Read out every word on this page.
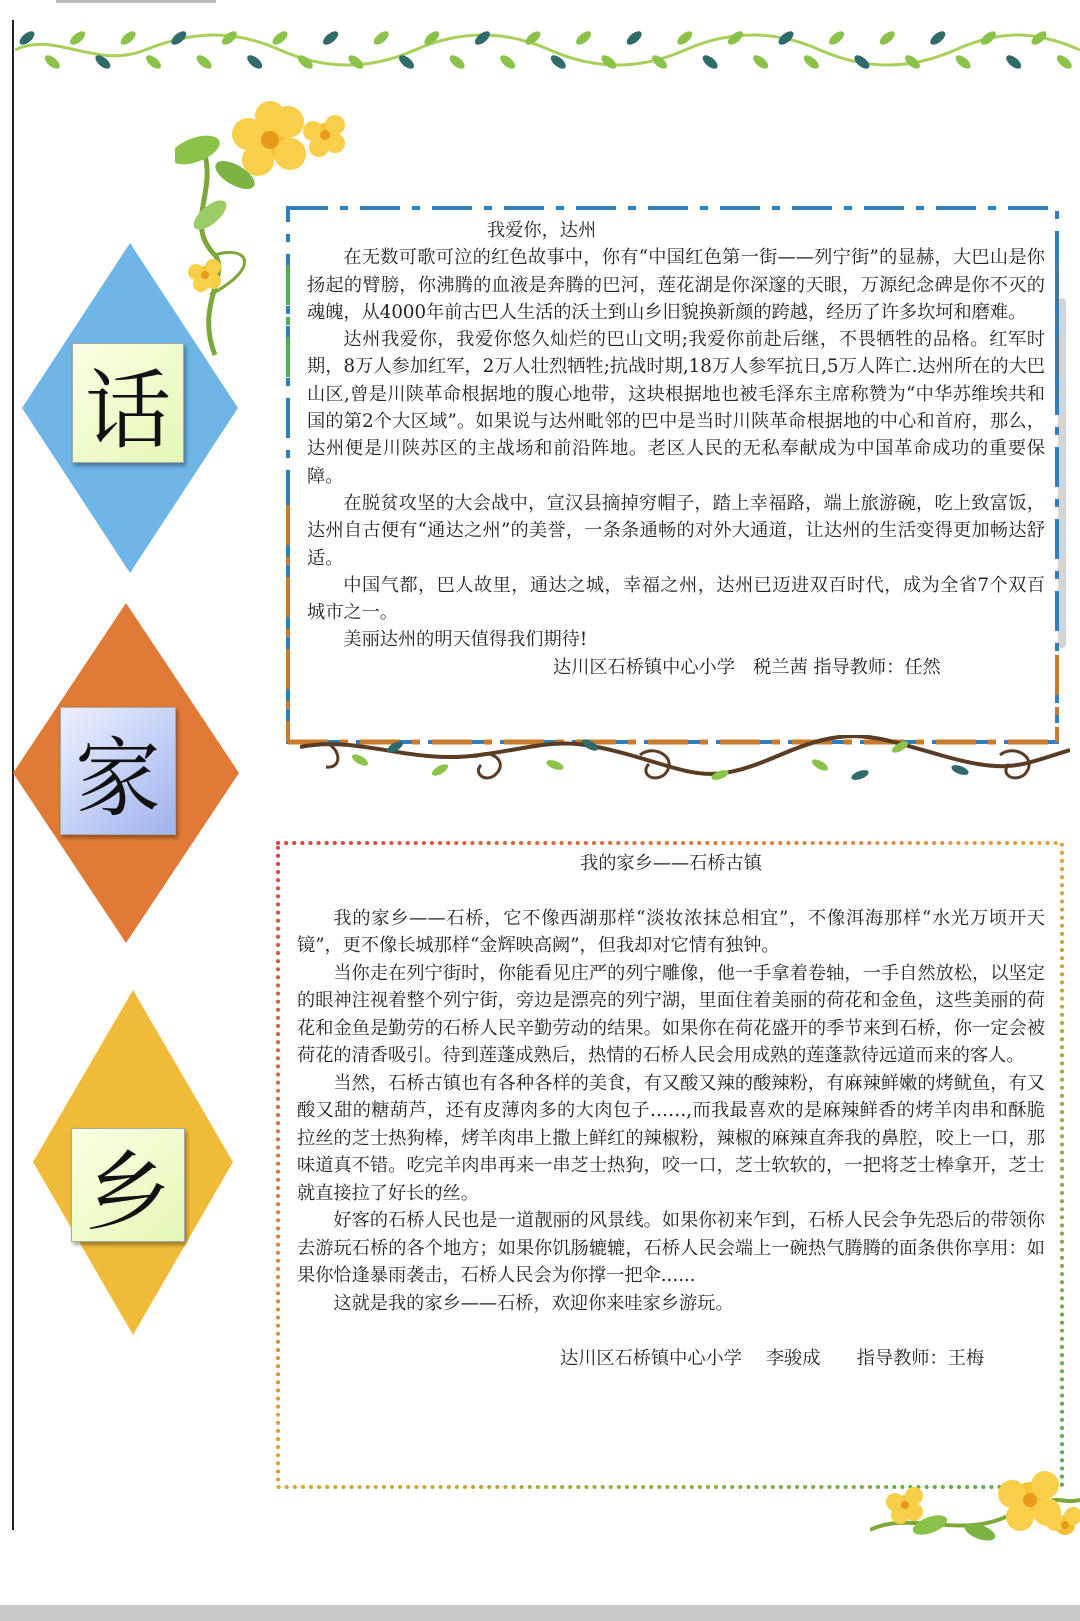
话
家
乡

我爱你，达州

在无数可歌可泣的红色故事中，你有“中国红色第一街——列宁街”的显赫，大巴山是你扬起的臂膀，你沸腾的血液是奔腾的巴河，莲花湖是你深邃的天眼，万源纪念碑是你不灭的魂魄，从4000年前古巴人生活的沃土到山乡旧貌换新颜的跨越，经历了许多坎坷和磨难。

达州我爱你，我爱你悠久灿烂的巴山文明;我爱你前赴后继，不畏牺牲的品格。红军时期，8万人参加红军，2万人壮烈牺牲;抗战时期,18万人参军抗日,5万人阵亡.达州所在的大巴山区,曾是川陕革命根据地的腹心地带，这块根据地也被毛泽东主席称赞为“中华苏维埃共和国的第2个大区域”。如果说与达州毗邻的巴中是当时川陕革命根据地的中心和首府，那么，达州便是川陕苏区的主战场和前沿阵地。老区人民的无私奉献成为中国革命成功的重要保障。

在脱贫攻坚的大会战中，宣汉县摘掉穷帽子，踏上幸福路，端上旅游碗，吃上致富饭，达州自古便有“通达之州”的美誉，一条条通畅的对外大通道，让达州的生活变得更加畅达舒适。

中国气都，巴人故里，通达之城，幸福之州，达州已迈进双百时代，成为全省7个双百城市之一。

美丽达州的明天值得我们期待!

达川区石桥镇中心小学　税兰茜 指导教师：任然

我的家乡——石桥古镇

我的家乡——石桥，它不像西湖那样“淡妆浓抹总相宜”，不像洱海那样“水光万顷开天镜”，更不像长城那样“金辉映高阙”，但我却对它情有独钟。

当你走在列宁街时，你能看见庄严的列宁雕像，他一手拿着卷轴，一手自然放松，以坚定的眼神注视着整个列宁街，旁边是漂亮的列宁湖，里面住着美丽的荷花和金鱼，这些美丽的荷花和金鱼是勤劳的石桥人民辛勤劳动的结果。如果你在荷花盛开的季节来到石桥，你一定会被荷花的清香吸引。待到莲蓬成熟后，热情的石桥人民会用成熟的莲蓬款待远道而来的客人。

当然，石桥古镇也有各种各样的美食，有又酸又辣的酸辣粉，有麻辣鲜嫩的烤鱿鱼，有又酸又甜的糖葫芦，还有皮薄肉多的大肉包子……,而我最喜欢的是麻辣鲜香的烤羊肉串和酥脆拉丝的芝士热狗棒，烤羊肉串上撒上鲜红的辣椒粉，辣椒的麻辣直奔我的鼻腔，咬上一口，那味道真不错。吃完羊肉串再来一串芝士热狗，咬一口，芝士软软的，一把将芝士棒拿开，芝士就直接拉了好长的丝。

好客的石桥人民也是一道靓丽的风景线。如果你初来乍到，石桥人民会争先恐后的带领你去游玩石桥的各个地方；如果你饥肠辘辘，石桥人民会端上一碗热气腾腾的面条供你享用：如果你恰逢暴雨袭击，石桥人民会为你撑一把伞......

这就是我的家乡——石桥，欢迎你来哇家乡游玩。

达川区石桥镇中心小学　 李骏成　　指导教师：王梅
